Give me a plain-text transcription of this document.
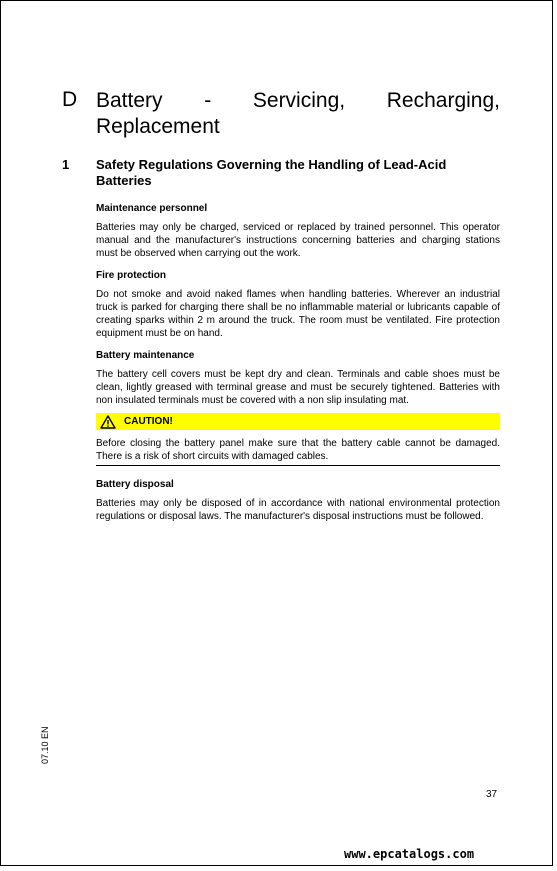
D Battery - Servicing, Recharging, Replacement
1 Safety Regulations Governing the Handling of Lead-Acid Batteries
Maintenance personnel

Batteries may only be charged, serviced or replaced by trained personnel. This operator manual and the manufacturer's instructions concerning batteries and charging stations must be observed when carrying out the work.

Fire protection

Do not smoke and avoid naked flames when handling batteries. Wherever an industrial truck is parked for charging there shall be no inflammable material or lubricants capable of creating sparks within 2 m around the truck. The room must be ventilated. Fire protection equipment must be on hand.

Battery maintenance

The battery cell covers must be kept dry and clean. Terminals and cable shoes must be clean, lightly greased with terminal grease and must be securely tightened. Batteries with non insulated terminals must be covered with a non slip insulating mat.

CAUTION!

Before closing the battery panel make sure that the battery cable cannot be damaged. There is a risk of short circuits with damaged cables.

Battery disposal

Batteries may only be disposed of in accordance with national environmental protection regulations or disposal laws. The manufacturer's disposal instructions must be followed.

07.10 EN
37
www.epcatalogs.com
